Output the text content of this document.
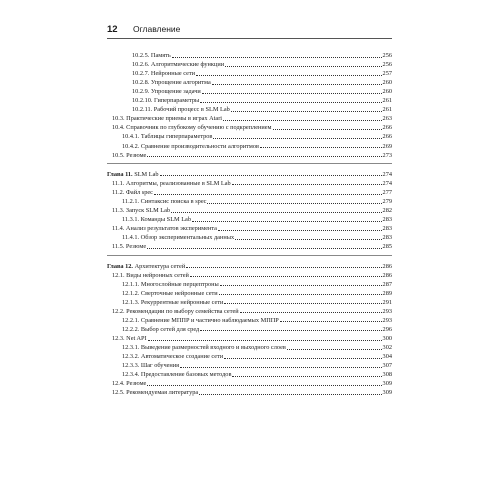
12	Оглавление
10.2.5. Память	256
10.2.6. Алгоритмические функции	256
10.2.7. Нейронные сети	257
10.2.8. Упрощение алгоритма	260
10.2.9. Упрощение задачи	260
10.2.10. Гиперпараметры	261
10.2.11. Рабочий процесс в SLM Lab	261
10.3. Практические приемы в играх Atari	263
10.4. Справочник по глубокому обучению с подкреплением	266
10.4.1. Таблицы гиперпараметров	266
10.4.2. Сравнение производительности алгоритмов	269
10.5. Резюме	273
Глава 11. SLM Lab	274
11.1. Алгоритмы, реализованные в SLM Lab	274
11.2. Файл spec	277
11.2.1. Синтаксис поиска в spec	279
11.3. Запуск SLM Lab	282
11.3.1. Команды SLM Lab	283
11.4. Анализ результатов эксперимента	283
11.4.1. Обзор экспериментальных данных	283
11.5. Резюме	285
Глава 12. Архитектура сетей	286
12.1. Виды нейронных сетей	286
12.1.1. Многослойные перцептроны	287
12.1.2. Сверточные нейронные сети	289
12.1.3. Рекуррентные нейронные сети	291
12.2. Рекомендации по выбору семейства сетей	293
12.2.1. Сравнение МППР и частично наблюдаемых МППР	293
12.2.2. Выбор сетей для сред	296
12.3. Net API	300
12.3.1. Выведение размерностей входного и выходного слоев	302
12.3.2. Автоматическое создание сети	304
12.3.3. Шаг обучения	307
12.3.4. Предоставление базовых методов	308
12.4. Резюме	309
12.5. Рекомендуемая литература	309
